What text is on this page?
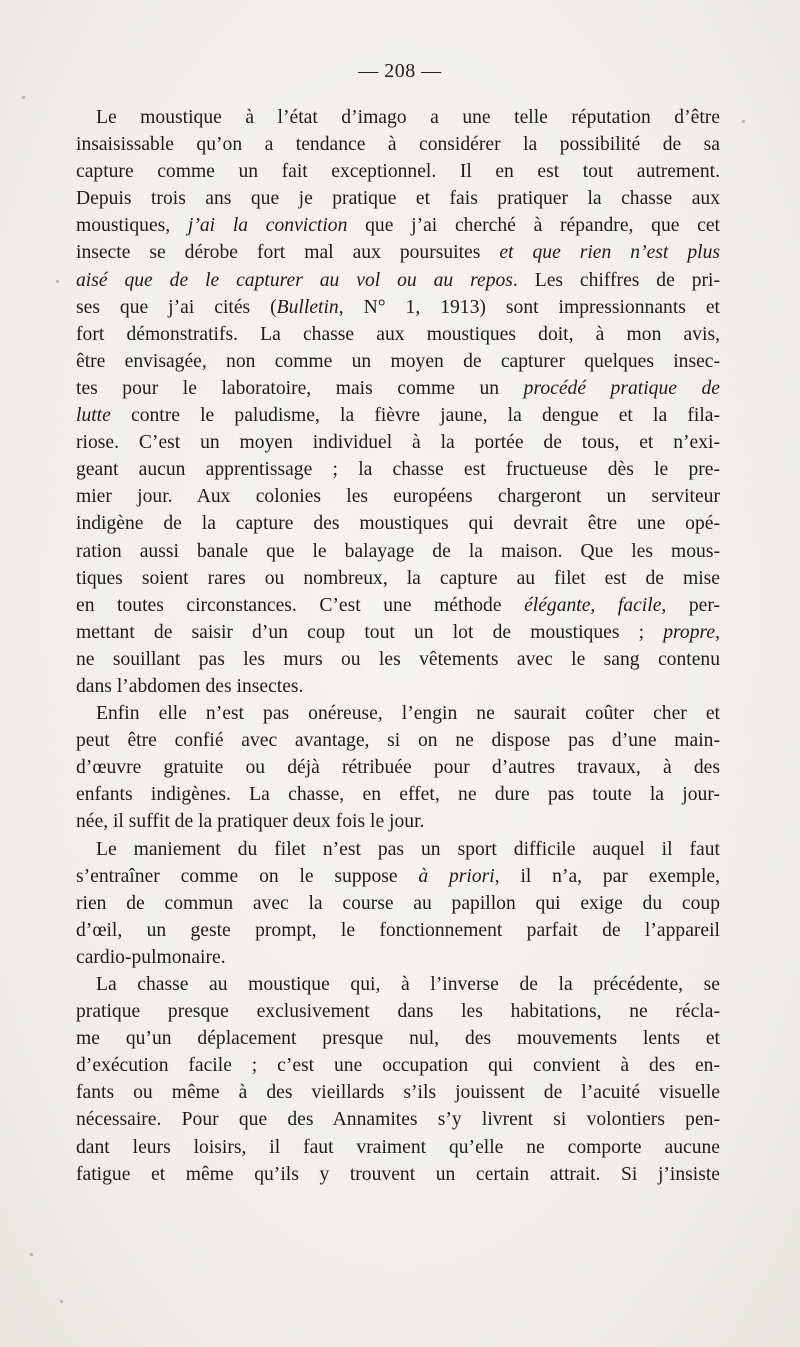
— 208 —
Le moustique à l’état d’imago a une telle réputation d’être
insaisissable qu’on a tendance à considérer la possibilité de sa
capture comme un fait exceptionnel. Il en est tout autrement.
Depuis trois ans que je pratique et fais pratiquer la chasse aux
moustiques, j’ai la conviction que j’ai cherché à répandre, que cet
insecte se dérobe fort mal aux poursuites et que rien n’est plus
aisé que de le capturer au vol ou au repos. Les chiffres de pri-
ses que j’ai cités (Bulletin, N° 1, 1913) sont impressionnants et
fort démonstratifs. La chasse aux moustiques doit, à mon avis,
être envisagée, non comme un moyen de capturer quelques insec-
tes pour le laboratoire, mais comme un procédé pratique de
lutte contre le paludisme, la fièvre jaune, la dengue et la fila-
riose. C’est un moyen individuel à la portée de tous, et n’exi-
geant aucun apprentissage ; la chasse est fructueuse dès le pre-
mier jour. Aux colonies les européens chargeront un serviteur
indigène de la capture des moustiques qui devrait être une opé-
ration aussi banale que le balayage de la maison. Que les mous-
tiques soient rares ou nombreux, la capture au filet est de mise
en toutes circonstances. C’est une méthode élégante, facile, per-
mettant de saisir d’un coup tout un lot de moustiques ; propre,
ne souillant pas les murs ou les vêtements avec le sang contenu
dans l’abdomen des insectes.
Enfin elle n’est pas onéreuse, l’engin ne saurait coûter cher et
peut être confié avec avantage, si on ne dispose pas d’une main-
d’œuvre gratuite ou déjà rétribuée pour d’autres travaux, à des
enfants indigènes. La chasse, en effet, ne dure pas toute la jour-
née, il suffit de la pratiquer deux fois le jour.
Le maniement du filet n’est pas un sport difficile auquel il faut
s’entraîner comme on le suppose à priori, il n’a, par exemple,
rien de commun avec la course au papillon qui exige du coup
d’œil, un geste prompt, le fonctionnement parfait de l’appareil
cardio-pulmonaire.
La chasse au moustique qui, à l’inverse de la précédente, se
pratique presque exclusivement dans les habitations, ne récla-
me qu’un déplacement presque nul, des mouvements lents et
d’exécution facile ; c’est une occupation qui convient à des en-
fants ou même à des vieillards s’ils jouissent de l’acuité visuelle
nécessaire. Pour que des Annamites s’y livrent si volontiers pen-
dant leurs loisirs, il faut vraiment qu’elle ne comporte aucune
fatigue et même qu’ils y trouvent un certain attrait. Si j’insiste
